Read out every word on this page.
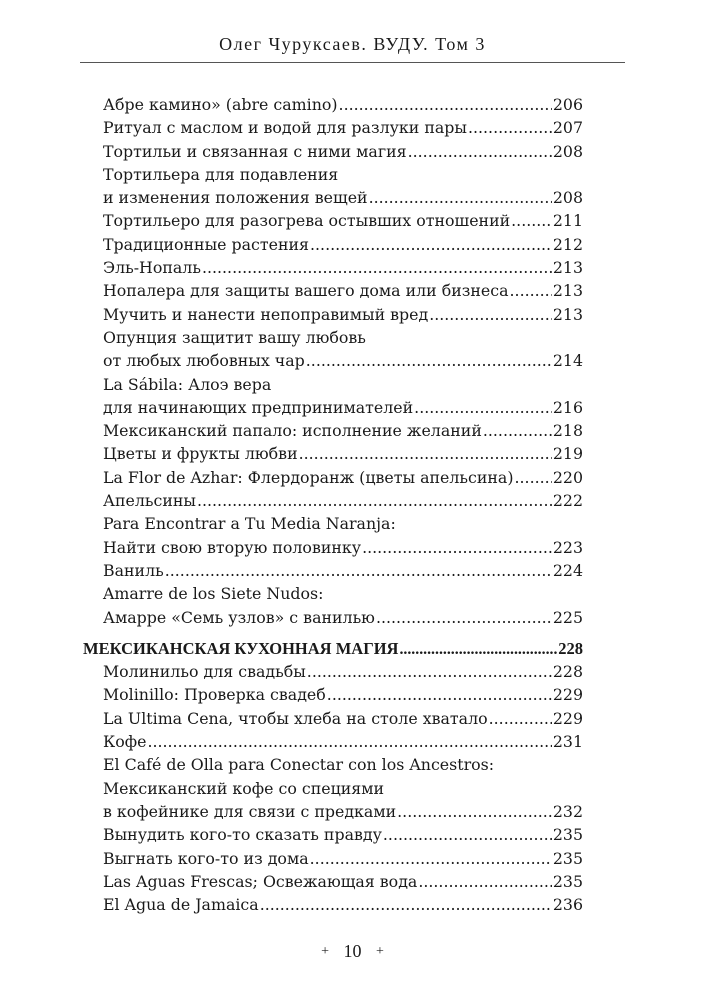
Олег Чуруксаев. ВУДУ. Том 3
Абре камино» (abre camino) .....	206
Ритуал с маслом и водой для разлуки пары .....	207
Тортильи и связанная с ними магия .....	208
Тортильера для подавления
и изменения положения вещей .....	208
Тортильеро для разогрева остывших отношений .....	211
Традиционные растения .....	212
Эль-Нопаль .....	213
Нопалера для защиты вашего дома или бизнеса .....	213
Мучить и нанести непоправимый вред .....	213
Опунция защитит вашу любовь
от любых любовных чар .....	214
La Sábila: Алоэ вера
для начинающих предпринимателей .....	216
Мексиканский папало: исполнение желаний .....	218
Цветы и фрукты любви .....	219
La Flor de Azhar: Флердоранж (цветы апельсина) ..... 220
Апельсины .....	222
Para Encontrar a Tu Media Naranja:
Найти свою вторую половинку .....	223
Ваниль .....	224
Amarre de los Siete Nudos:
Амарре «Семь узлов» с ванилью .....	225
МЕКСИКАНСКАЯ КУХОННАЯ МАГИЯ .....	228
Молинильо для свадьбы .....	228
Molinillo: Проверка свадеб .....	229
La Ultima Cena, чтобы хлеба на столе хватало .....	229
Кофе .....	231
El Café de Olla para Conectar con los Ancestros:
Мексиканский кофе со специями
в кофейнике для связи с предками .....	232
Вынудить кого-то сказать правду .....	235
Выгнать кого-то из дома .....	235
Las Aguas Frescas; Освежающая вода .....	235
El Agua de Jamaica .....	236
+ 10 +
